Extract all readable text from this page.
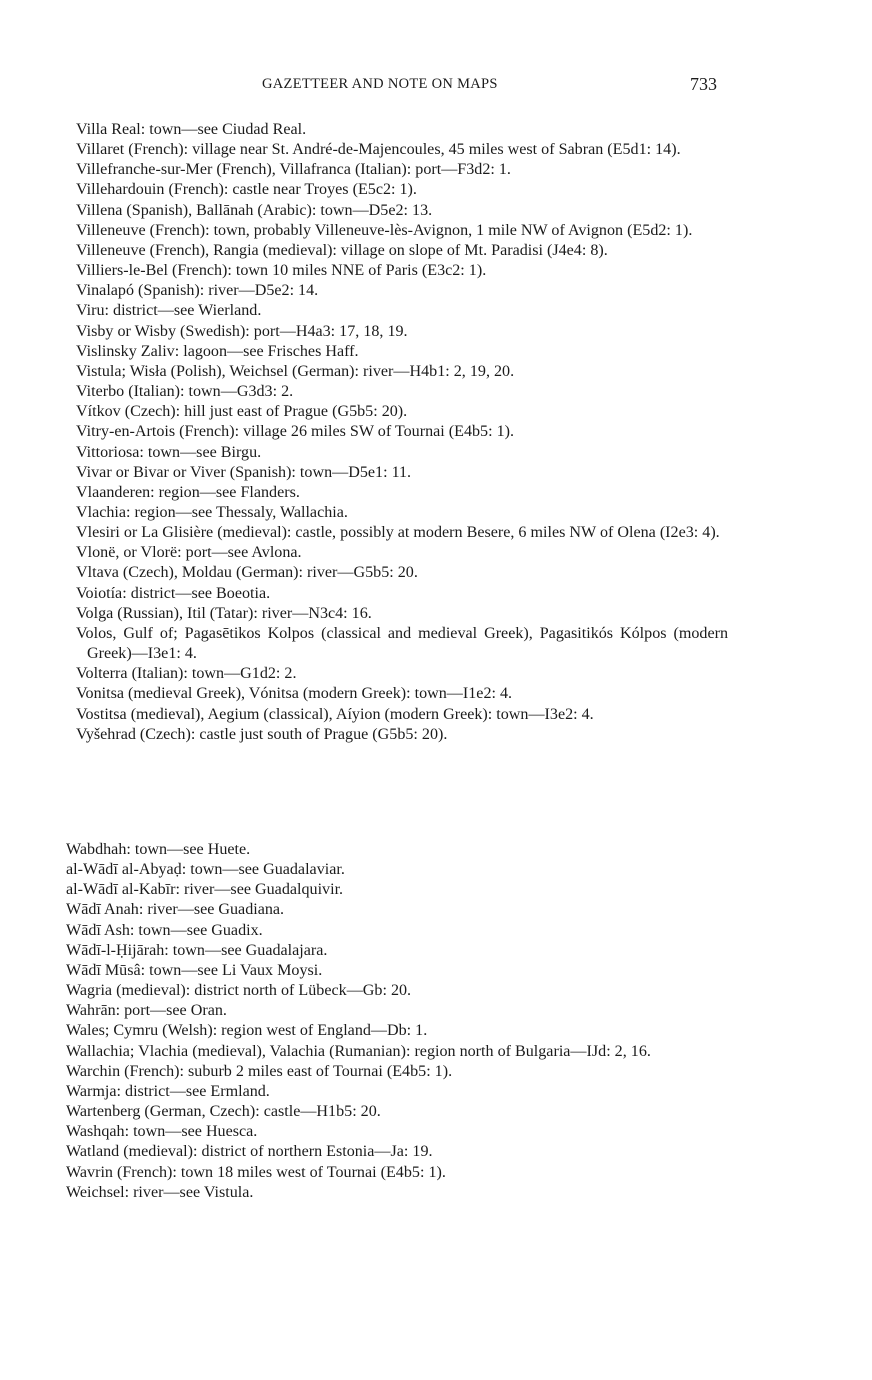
GAZETTEER AND NOTE ON MAPS	733

Villa Real: town—see Ciudad Real.

Villaret (French): village near St. André-de-Majencoules, 45 miles west of Sabran (E5d1: 14).

Villefranche-sur-Mer (French), Villafranca (Italian): port—F3d2: 1.

Villehardouin (French): castle near Troyes (E5c2: 1).

Villena (Spanish), Ballānah (Arabic): town—D5e2: 13.

Villeneuve (French): town, probably Villeneuve-lès-Avignon, 1 mile NW of Avignon (E5d2: 1).

Villeneuve (French), Rangia (medieval): village on slope of Mt. Paradisi (J4e4: 8).

Villiers-le-Bel (French): town 10 miles NNE of Paris (E3c2: 1).

Vinalapó (Spanish): river—D5e2: 14.

Viru: district—see Wierland.

Visby or Wisby (Swedish): port—H4a3: 17, 18, 19.

Vislinsky Zaliv: lagoon—see Frisches Haff.

Vistula; Wisła (Polish), Weichsel (German): river—H4b1: 2, 19, 20.

Viterbo (Italian): town—G3d3: 2.

Vítkov (Czech): hill just east of Prague (G5b5: 20).

Vitry-en-Artois (French): village 26 miles SW of Tournai (E4b5: 1).

Vittoriosa: town—see Birgu.

Vivar or Bivar or Viver (Spanish): town—D5e1: 11.

Vlaanderen: region—see Flanders.

Vlachia: region—see Thessaly, Wallachia.

Vlesiri or La Glisière (medieval): castle, possibly at modern Besere, 6 miles NW of Olena (I2e3: 4).

Vlonë, or Vlorë: port—see Avlona.

Vltava (Czech), Moldau (German): river—G5b5: 20.

Voiotía: district—see Boeotia.

Volga (Russian), Itil (Tatar): river—N3c4: 16.

Volos, Gulf of; Pagasētikos Kolpos (classical and medieval Greek), Pagasitikós Kólpos (modern Greek)—I3e1: 4.

Volterra (Italian): town—G1d2: 2.

Vonitsa (medieval Greek), Vónitsa (modern Greek): town—I1e2: 4.

Vostitsa (medieval), Aegium (classical), Aíyion (modern Greek): town—I3e2: 4.

Vyšehrad (Czech): castle just south of Prague (G5b5: 20).

Wabdhah: town—see Huete.

al-Wādī al-Abyaḍ: town—see Guadalaviar.

al-Wādī al-Kabīr: river—see Guadalquivir.

Wādī Anah: river—see Guadiana.

Wādī Ash: town—see Guadix.

Wādī-l-Ḥijārah: town—see Guadalajara.

Wādī Mūsâ: town—see Li Vaux Moysi.

Wagria (medieval): district north of Lübeck—Gb: 20.

Wahrān: port—see Oran.

Wales; Cymru (Welsh): region west of England—Db: 1.

Wallachia; Vlachia (medieval), Valachia (Rumanian): region north of Bulgaria—IJd: 2, 16.

Warchin (French): suburb 2 miles east of Tournai (E4b5: 1).

Warmja: district—see Ermland.

Wartenberg (German, Czech): castle—H1b5: 20.

Washqah: town—see Huesca.

Watland (medieval): district of northern Estonia—Ja: 19.

Wavrin (French): town 18 miles west of Tournai (E4b5: 1).

Weichsel: river—see Vistula.
